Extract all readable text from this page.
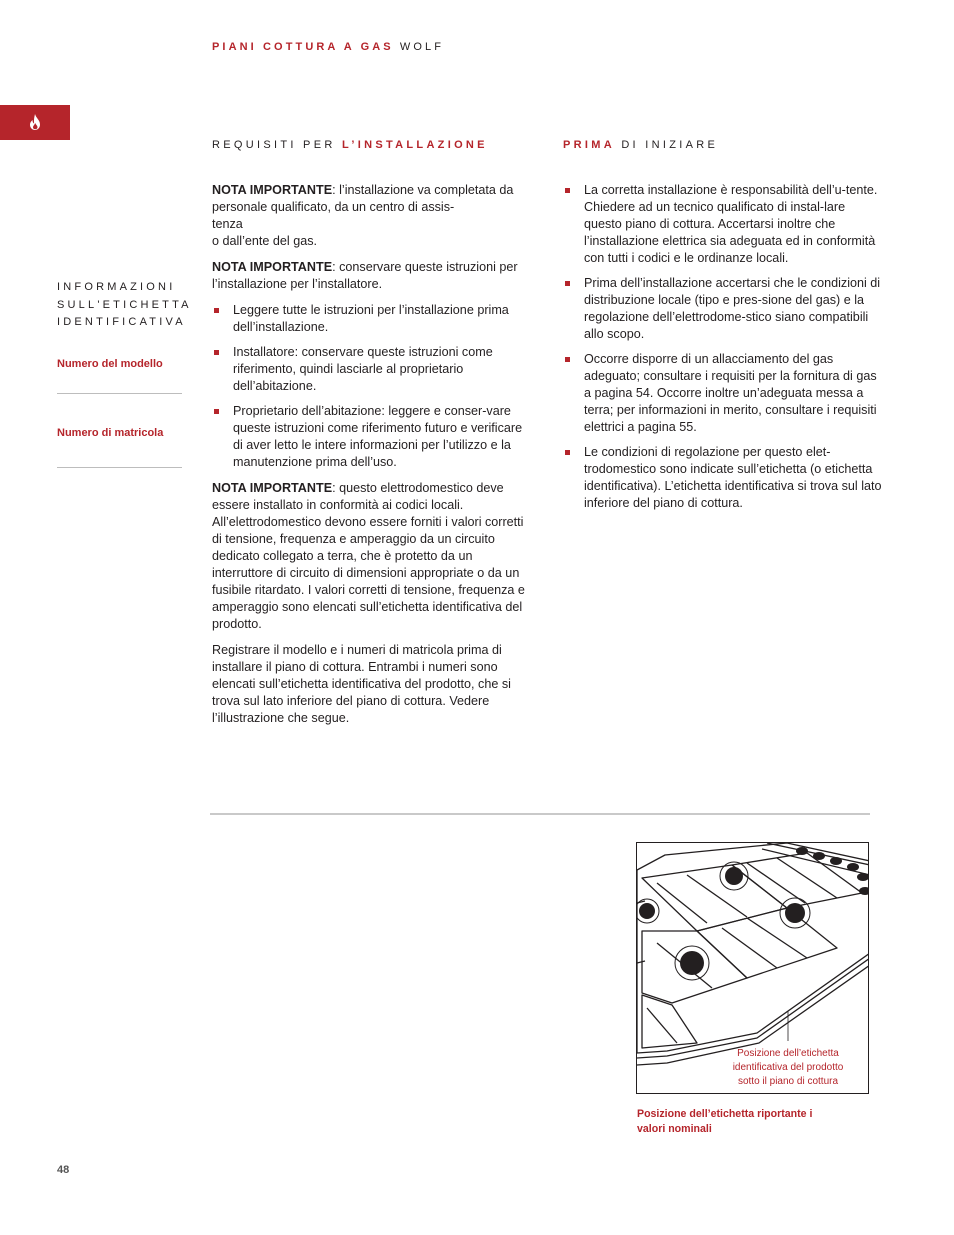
PIANI COTTURA A GAS WOLF
INFORMAZIONI
SULL'ETICHETTA
IDENTIFICATIVA
Numero del modello
Numero di matricola
REQUISITI PER L’INSTALLAZIONE

NOTA IMPORTANTE: l’installazione va completata da personale qualificato, da un centro di assis-
tenza
o dall’ente del gas.

NOTA IMPORTANTE: conservare queste istruzioni per l’installazione per l’installatore.

Leggere tutte le istruzioni per l’installazione prima dell’installazione.
Installatore: conservare queste istruzioni come riferimento, quindi lasciarle al proprietario dell’abitazione.
Proprietario dell’abitazione: leggere e conser-vare queste istruzioni come riferimento futuro e verificare di aver letto le intere informazioni per l’utilizzo e la manutenzione prima dell’uso.

NOTA IMPORTANTE: questo elettrodomestico deve essere installato in conformità ai codici locali. All’elettrodomestico devono essere forniti i valori corretti di tensione, frequenza e amperaggio da un circuito dedicato collegato a terra, che è protetto da un interruttore di circuito di dimensioni appropriate o da un fusibile ritardato. I valori corretti di tensione, frequenza e amperaggio sono elencati sull’etichetta identificativa del prodotto.

Registrare il modello e i numeri di matricola prima di installare il piano di cottura. Entrambi i numeri sono elencati sull’etichetta identificativa del prodotto, che si trova sul lato inferiore del piano di cottura. Vedere l’illustrazione che segue.

PRIMA DI INIZIARE
La corretta installazione è responsabilità dell’u-tente. Chiedere ad un tecnico qualificato di instal-lare questo piano di cottura. Accertarsi inoltre che l’installazione elettrica sia adeguata ed in conformità con tutti i codici e le ordinanze locali.
Prima dell’installazione accertarsi che le condizioni di distribuzione locale (tipo e pres-sione del gas) e la regolazione dell’elettrodome-stico siano compatibili allo scopo.
Occorre disporre di un allacciamento del gas adeguato; consultare i requisiti per la fornitura di gas a pagina 54. Occorre inoltre un’adeguata messa a terra; per informazioni in merito, consultare i requisiti elettrici a pagina 55.
Le condizioni di regolazione per questo elet-trodomestico sono indicate sull’etichetta (o etichetta identificativa). L’etichetta identificativa si trova sul lato inferiore del piano di cottura.
Posizione dell’etichetta
identificativa del prodotto
sotto il piano di cottura
Posizione dell’etichetta riportante i
valori nominali
48
